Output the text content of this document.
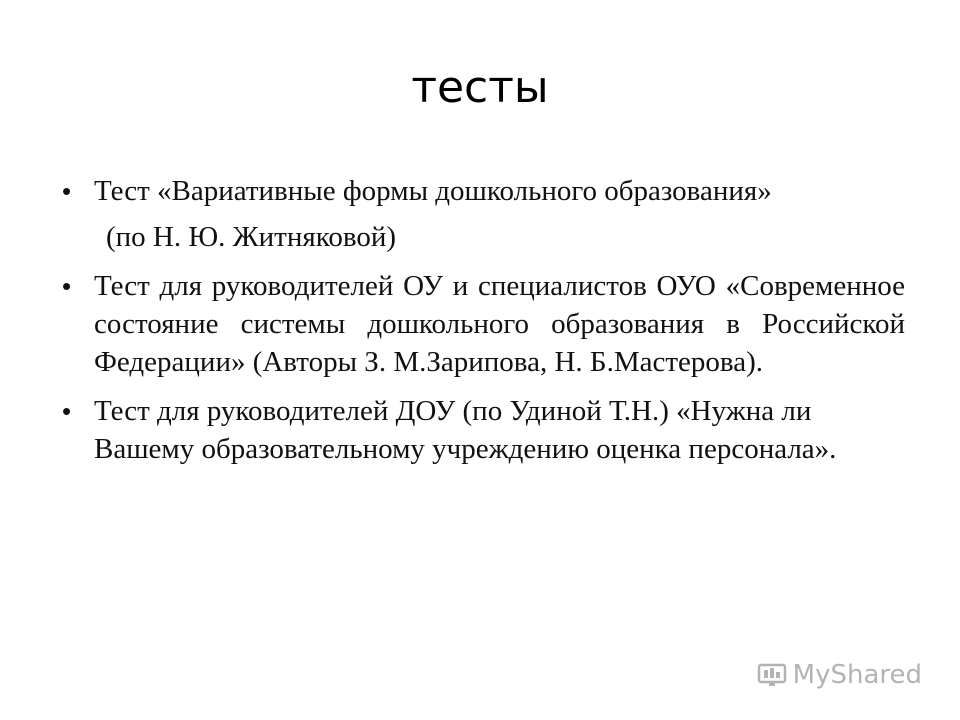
тесты
• Тест «Вариативные формы дошкольного образования»
(по Н. Ю. Житняковой)
• Тест для руководителей ОУ и специалистов ОУО «Современное состояние системы дошкольного образования в Российской Федерации» (Авторы З. М.Зарипова, Н. Б.Мастерова).
• Тест для руководителей ДОУ (по Удиной Т.Н.) «Нужна ли Вашему образовательному учреждению оценка персонала».
MyShared
